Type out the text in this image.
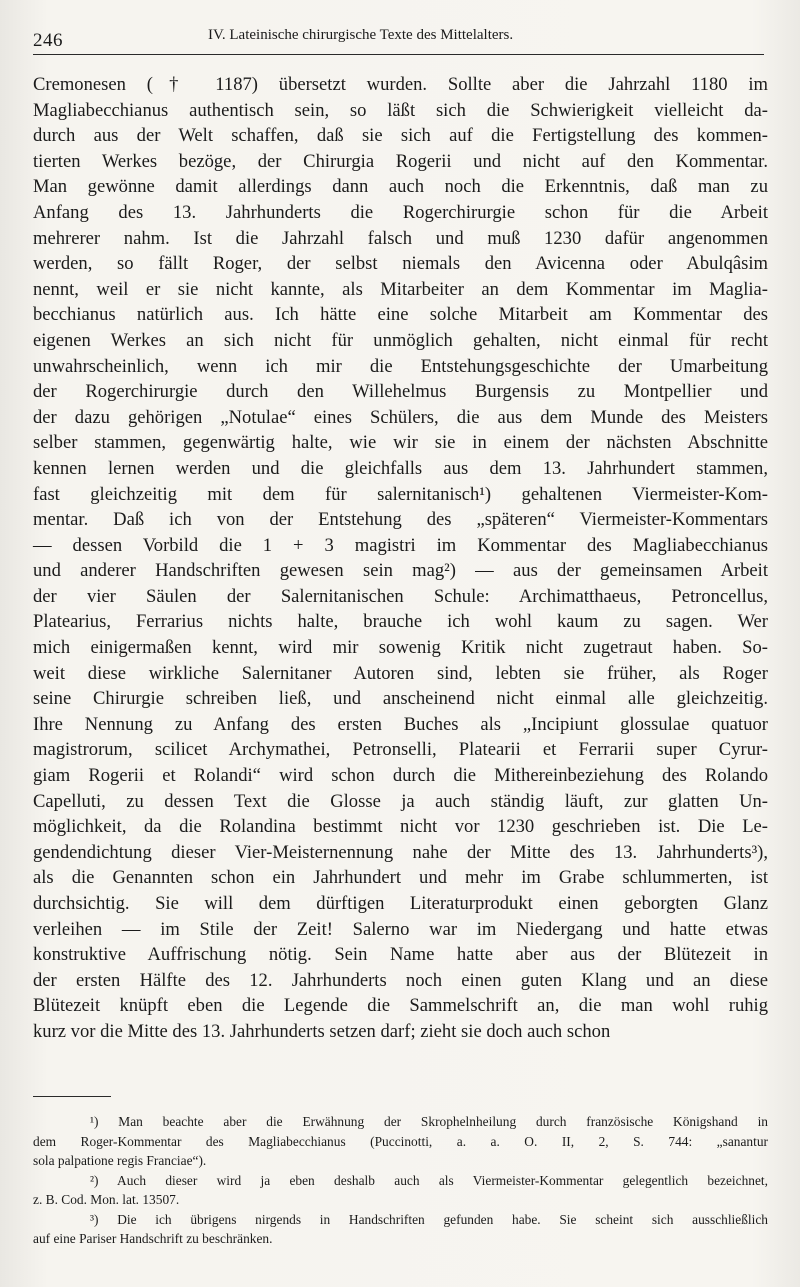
246	IV. Lateinische chirurgische Texte des Mittelalters.
Cremonesen († 1187) übersetzt wurden. Sollte aber die Jahrzahl 1180 im
Magliabecchianus authentisch sein, so läßt sich die Schwierigkeit vielleicht da-
durch aus der Welt schaffen, daß sie sich auf die Fertigstellung des kommen-
tierten Werkes bezöge, der Chirurgia Rogerii und nicht auf den Kommentar.
Man gewönne damit allerdings dann auch noch die Erkenntnis, daß man zu
Anfang des 13. Jahrhunderts die Rogerchirurgie schon für die Arbeit
mehrerer nahm. Ist die Jahrzahl falsch und muß 1230 dafür angenommen
werden, so fällt Roger, der selbst niemals den Avicenna oder Abulqâsim
nennt, weil er sie nicht kannte, als Mitarbeiter an dem Kommentar im Maglia-
becchianus natürlich aus. Ich hätte eine solche Mitarbeit am Kommentar des
eigenen Werkes an sich nicht für unmöglich gehalten, nicht einmal für recht
unwahrscheinlich, wenn ich mir die Entstehungsgeschichte der Umarbeitung
der Rogerchirurgie durch den Willehelmus Burgensis zu Montpellier und
der dazu gehörigen „Notulae“ eines Schülers, die aus dem Munde des Meisters
selber stammen, gegenwärtig halte, wie wir sie in einem der nächsten Abschnitte
kennen lernen werden und die gleichfalls aus dem 13. Jahrhundert stammen,
fast gleichzeitig mit dem für salernitanisch¹) gehaltenen Viermeister-Kom-
mentar. Daß ich von der Entstehung des „späteren“ Viermeister-Kommentars
— dessen Vorbild die 1 + 3 magistri im Kommentar des Magliabecchianus
und anderer Handschriften gewesen sein mag²) — aus der gemeinsamen Arbeit
der vier Säulen der Salernitanischen Schule: Archimatthaeus, Petroncellus,
Platearius, Ferrarius nichts halte, brauche ich wohl kaum zu sagen. Wer
mich einigermaßen kennt, wird mir sowenig Kritik nicht zugetraut haben. So-
weit diese wirkliche Salernitaner Autoren sind, lebten sie früher, als Roger
seine Chirurgie schreiben ließ, und anscheinend nicht einmal alle gleichzeitig.
Ihre Nennung zu Anfang des ersten Buches als „Incipiunt glossulae quatuor
magistrorum, scilicet Archymathei, Petronselli, Platearii et Ferrarii super Cyrur-
giam Rogerii et Rolandi“ wird schon durch die Mithereinbeziehung des Rolando
Capelluti, zu dessen Text die Glosse ja auch ständig läuft, zur glatten Un-
möglichkeit, da die Rolandina bestimmt nicht vor 1230 geschrieben ist. Die Le-
gendendichtung dieser Vier-Meisternennung nahe der Mitte des 13. Jahrhunderts³),
als die Genannten schon ein Jahrhundert und mehr im Grabe schlummerten, ist
durchsichtig. Sie will dem dürftigen Literaturprodukt einen geborgten Glanz
verleihen — im Stile der Zeit! Salerno war im Niedergang und hatte etwas
konstruktive Auffrischung nötig. Sein Name hatte aber aus der Blütezeit in
der ersten Hälfte des 12. Jahrhunderts noch einen guten Klang und an diese
Blütezeit knüpft eben die Legende die Sammelschrift an, die man wohl ruhig
kurz vor die Mitte des 13. Jahrhunderts setzen darf; zieht sie doch auch schon
¹) Man beachte aber die Erwähnung der Skrophelnheilung durch französische Königshand in
dem Roger-Kommentar des Magliabecchianus (Puccinotti, a. a. O. II, 2, S. 744: „sanantur
sola palpatione regis Franciae“).
²) Auch dieser wird ja eben deshalb auch als Viermeister-Kommentar gelegentlich bezeichnet,
z. B. Cod. Mon. lat. 13507.
³) Die ich übrigens nirgends in Handschriften gefunden habe. Sie scheint sich ausschließlich
auf eine Pariser Handschrift zu beschränken.
